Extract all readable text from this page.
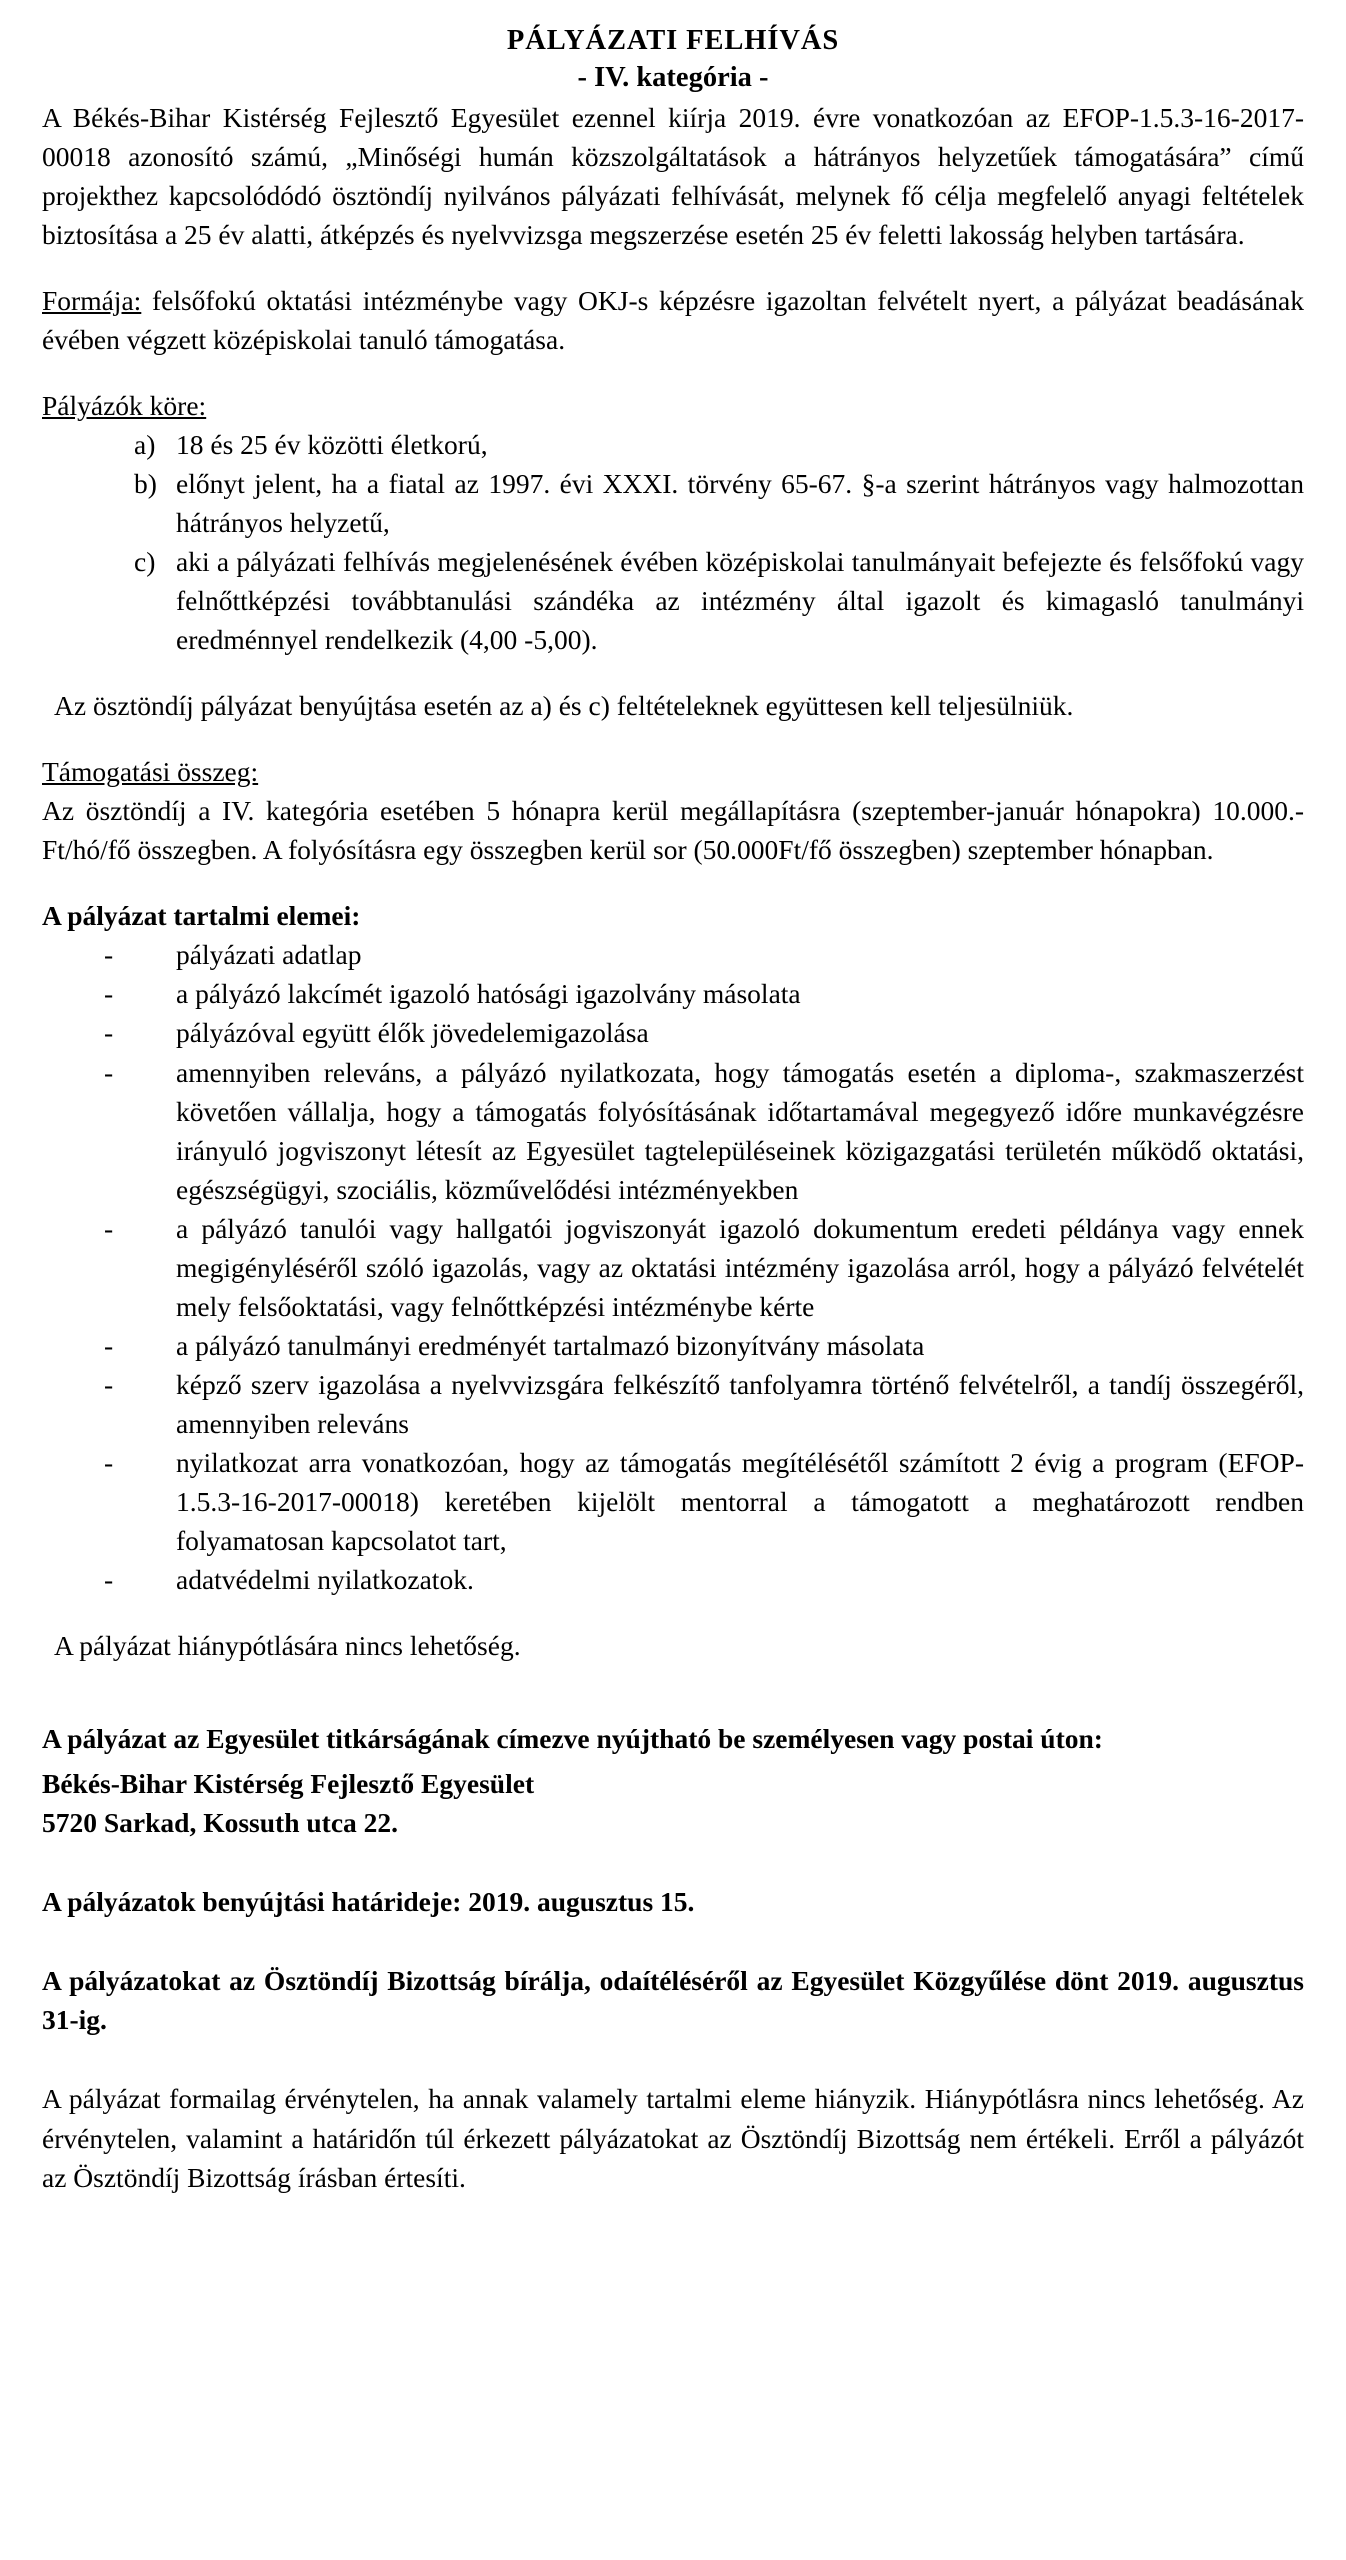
PÁLYÁZATI FELHÍVÁS
- IV. kategória -

A Békés-Bihar Kistérség Fejlesztő Egyesület ezennel kiírja 2019. évre vonatkozóan az EFOP-1.5.3-16-2017-00018 azonosító számú, „Minőségi humán közszolgáltatások a hátrányos helyzetűek támogatására” című projekthez kapcsolódódó ösztöndíj nyilvános pályázati felhívását, melynek fő célja megfelelő anyagi feltételek biztosítása a 25 év alatti, átképzés és nyelvvizsga megszerzése esetén 25 év feletti lakosság helyben tartására.

Formája: felsőfokú oktatási intézménybe vagy OKJ-s képzésre igazoltan felvételt nyert, a pályázat beadásának évében végzett középiskolai tanuló támogatása.

Pályázók köre:

a) 18 és 25 év közötti életkorú,
b) előnyt jelent, ha a fiatal az 1997. évi XXXI. törvény 65-67. §-a szerint hátrányos vagy halmozottan hátrányos helyzetű,
c) aki a pályázati felhívás megjelenésének évében középiskolai tanulmányait befejezte és felsőfokú vagy felnőttképzési továbbtanulási szándéka az intézmény által igazolt és kimagasló tanulmányi eredménnyel rendelkezik (4,00 -5,00).

Az ösztöndíj pályázat benyújtása esetén az a) és c) feltételeknek együttesen kell teljesülniük.

Támogatási összeg:

Az ösztöndíj a IV. kategória esetében 5 hónapra kerül megállapításra (szeptember-január hónapokra) 10.000.-Ft/hó/fő összegben. A folyósításra egy összegben kerül sor (50.000Ft/fő összegben) szeptember hónapban.

A pályázat tartalmi elemei:

-	pályázati adatlap
-	a pályázó lakcímét igazoló hatósági igazolvány másolata
-	pályázóval együtt élők jövedelemigazolása
-	amennyiben releváns, a pályázó nyilatkozata, hogy támogatás esetén a diploma-, szakmaszerzést követően vállalja, hogy a támogatás folyósításának időtartamával megegyező időre munkavégzésre irányuló jogviszonyt létesít az Egyesület tagtelepüléseinek közigazgatási területén működő oktatási, egészségügyi, szociális, közművelődési intézményekben
-	a pályázó tanulói vagy hallgatói jogviszonyát igazoló dokumentum eredeti példánya vagy ennek megigényléséről szóló igazolás, vagy az oktatási intézmény igazolása arról, hogy a pályázó felvételét mely felsőoktatási, vagy felnőttképzési intézménybe kérte
-	a pályázó tanulmányi eredményét tartalmazó bizonyítvány másolata
-	képző szerv igazolása a nyelvvizsgára felkészítő tanfolyamra történő felvételről, a tandíj összegéről, amennyiben releváns
-	nyilatkozat arra vonatkozóan, hogy az támogatás megítélésétől számított 2 évig a program (EFOP-1.5.3-16-2017-00018) keretében kijelölt mentorral a támogatott a meghatározott rendben folyamatosan kapcsolatot tart,
-	adatvédelmi nyilatkozatok.

A pályázat hiánypótlására nincs lehetőség.

A pályázat az Egyesület titkárságának címezve nyújtható be személyesen vagy postai úton:

Békés-Bihar Kistérség Fejlesztő Egyesület

5720 Sarkad, Kossuth utca 22.

A pályázatok benyújtási határideje: 2019. augusztus 15.

A pályázatokat az Ösztöndíj Bizottság bírálja, odaítéléséről az Egyesület Közgyűlése dönt 2019. augusztus 31-ig.

A pályázat formailag érvénytelen, ha annak valamely tartalmi eleme hiányzik. Hiánypótlásra nincs lehetőség. Az érvénytelen, valamint a határidőn túl érkezett pályázatokat az Ösztöndíj Bizottság nem értékeli. Erről a pályázót az Ösztöndíj Bizottság írásban értesíti.
